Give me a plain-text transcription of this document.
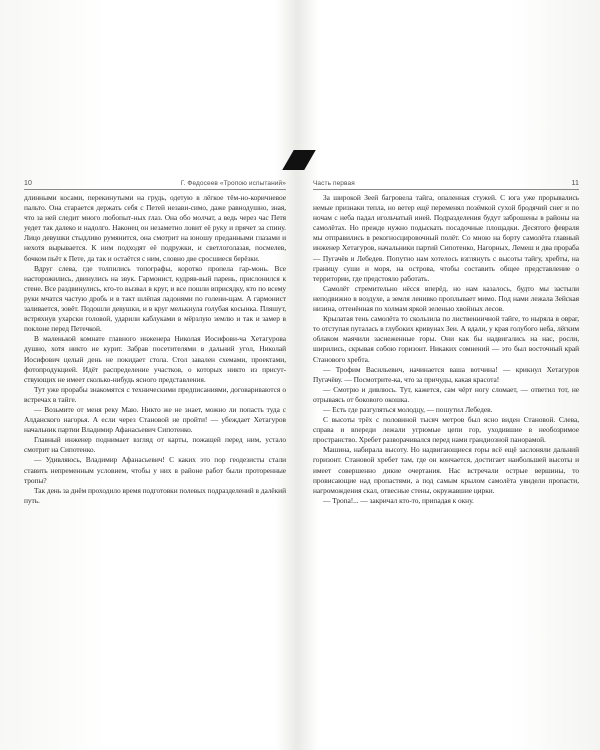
10	Г. Федосеев «Тропою испытаний»

длинными косами, перекинутыми на грудь, одетую в лёгкое тём-но-коричневое пальто. Она старается держать себя с Петей незави-симо, даже равнодушно, зная, что за ней следит много любопыт-ных глаз. Она обо молчат, а ведь через час Петя уедет так далеко и надолго. Наконец он незаметно ловит её руку и прячет за спину. Лицо девушки стыдливо румянится, она смотрит на юношу преданными глазами и нехотя вырывается. К ним подходят её подружки, и светлоголазая, посмелев, бочком пьёт к Пете, да так и остаётся с ним, словно две сросшиеся берёзки.

Вдруг слева, где толпились топографы, коротко пропела гар-монь. Все насторожились, двинулись на звук. Гармонист, кудряв-вый парень, прислонился к стене. Все раздвинулись, кто-то вызвал в круг, и все пошли вприсядку, кто по всему руки мчатся частую дробь и в такт шлёпая ладонями по голени-щам. А гармонист заливается, зовёт. Подошли девушки, и в круг мелькнула голубая косынка. Пляшут, встряхнув ухарски головой, ударили каблуками в мёрзлую землю и так и замер в поклоне перед Петечкой.

В маленькой комнате главного инженера Николая Иосифови-ча Хетагурова душно, хотя никто не курит. Забрав посетителями в дальний угол, Николай Иосифович целый день не покидает стола. Стол завален схемами, проектами, фотопродукцией. Идёт распределение участков, о которых никто из присут-ствующих не имеет сколько-нибудь ясного представления.

Тут уже прорабы знакомятся с техническими предписаниями, договариваются о встречах в тайге.

— Возьмите от меня реку Маю. Никто же не знает, можно ли попасть туда с Алданского нагорья. А если через Становой не пройти! — убеждает Хетагуров начальник партии Владимир Афанасьевич Сипотенко.

Главный инженер поднимает взгляд от карты, пожащей перед ним, устало смотрит на Сипотенко.

— Удивляюсь, Владимир Афанасьевич! С каких это пор геодезисты стали ставить непременным условием, чтобы у них в районе работ были проторенные тропы?

Так день за днём проходило время подготовки полевых подразделений в далёкий путь.

Часть первая	11

За широкой Зеей багровела тайга, опаленная стужей. С юга уже прорывались немые признаки тепла, но ветер ещё переменял позёмкой сухой бродячий снег и по ночам с неба падал игольчатый иней. Подразделения будут заброшены в районы на самолётах. Но прежде нужно подыскать посадочные площадки. Десятого февраля мы отправились в рекогносцировочный полёт. Со мною на борту самолёта главный инженер Хетагуров, начальники партий Сипотенко, Нагорных, Лемеш и два прораба — Пугачёв и Лебедев. Попутно нам хотелось взглянуть с высоты тайгу, хребты, на границу суши и моря, на острова, чтобы составить общее представление о территории, где предстояло работать.

Самолёт стремительно нёсся вперёд, но нам казалось, будто мы застыли неподвижно в воздухе, а земля ленивко проплывает мимо. Под нами лежала Зейская низина, оттенённая по холмам яркой зеленью хвойных лесов.

Крылатая тень самолёта то скользила по лиственничной тайге, то ныряла в овраг, то отступая путалась в глубоких кривунах Зеи. А вдали, у края голубого неба, лёгким облаком маячили заснеженные горы. Они как бы надвигались на нас, росли, ширились, скрывая собою горизонт. Никаких сомнений — это был восточный край Станового хребта.

— Трофим Васильевич, начинается ваша вотчина! — крикнул Хетагуров Пугачёву. — Посмотрите-ка, что за причуды, какая красота!

— Смотрю и дивлюсь. Тут, кажется, сам чёрт ногу сломает, — ответил тот, не отрываясь от бокового окошка.

— Есть где разгуляться молодцу, — пошутил Лебедев.

С высоты трёх с половиной тысяч метров был ясно виден Становой. Слева, справа и впереди лежали угрюмые цепи гор, уходившие в необозримое пространство. Хребет разворачивался перед нами грандиозной панорамой.

Машина, набирала высоту. Но надвигающиеся горы всё ещё заслоняли дальний горизонт. Становой хребет там, где он кончается, достигает наибольшей высоты и имеет совершенно дикие очертания. Нас встречали острые вершины, то провисающие над пропастями, а под самым крылом самолёта увидели пропасти, нагромождения скал, отвесные стены, окружавшие цирки.

— Тропа!... — закричал кто-то, припадая к окну.
